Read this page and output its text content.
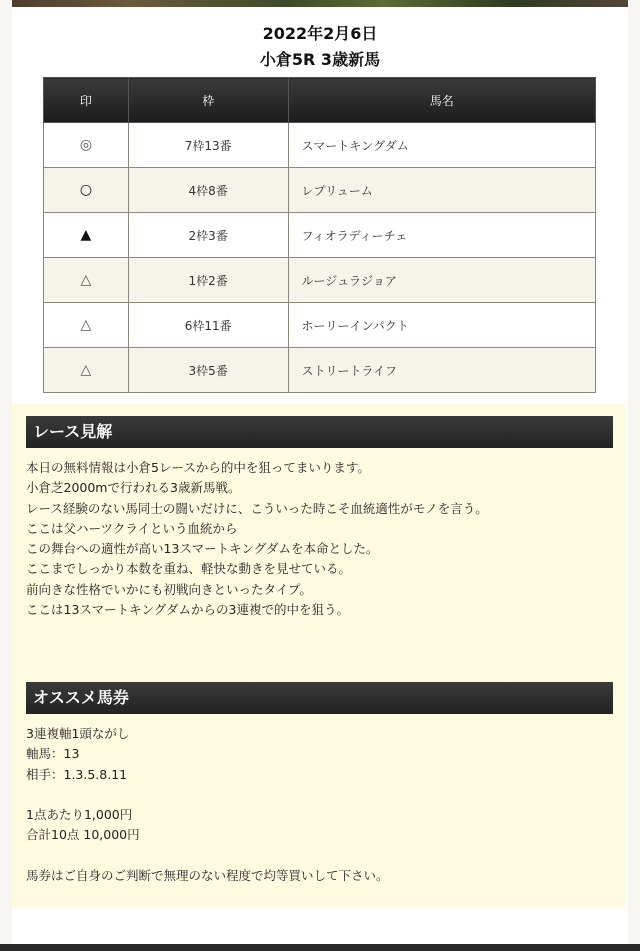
2022年2月6日
小倉5R 3歳新馬
印	枠	馬名
◎	7枠13番	スマートキングダム
○	4枠8番	レプリューム
▲	2枠3番	フィオラディーチェ
△	1枠2番	ルージュラジョア
△	6枠11番	ホーリーインパクト
△	3枠5番	ストリートライフ
レース見解
本日の無料情報は小倉5レースから的中を狙ってまいります。
小倉芝2000mで行われる3歳新馬戦。
レース経験のない馬同士の闘いだけに、こういった時こそ血統適性がモノを言う。
ここは父ハーツクライという血統から
この舞台への適性が高い13スマートキングダムを本命とした。
ここまでしっかり本数を重ね、軽快な動きを見せている。
前向きな性格でいかにも初戦向きといったタイプ。
ここは13スマートキングダムからの3連複で的中を狙う。
オススメ馬券
3連複軸1頭ながし
軸馬：13
相手：1.3.5.8.11
1点あたり1,000円
合計10点 10,000円
馬券はご自身のご判断で無理のない程度で均等買いして下さい。
